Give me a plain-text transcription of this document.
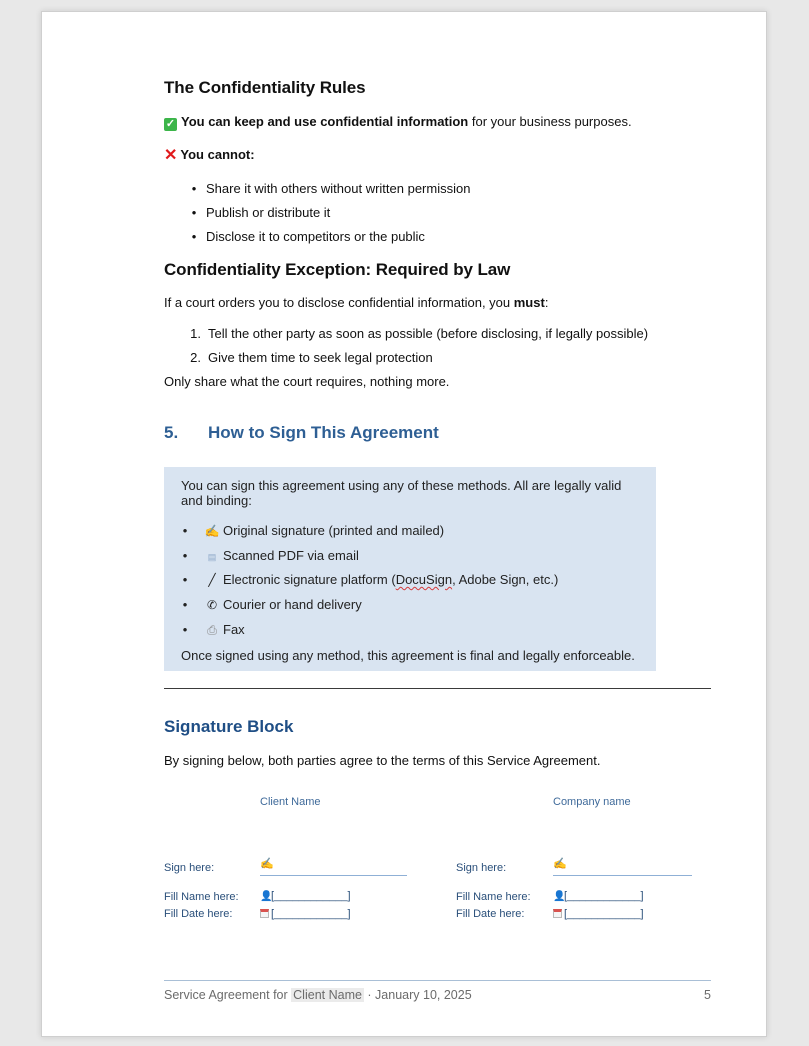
The Confidentiality Rules
✓ You can keep and use confidential information for your business purposes.
✕ You cannot:
• Share it with others without written permission
• Publish or distribute it
• Disclose it to competitors or the public
Confidentiality Exception: Required by Law
If a court orders you to disclose confidential information, you must:
1. Tell the other party as soon as possible (before disclosing, if legally possible)
2. Give them time to seek legal protection
Only share what the court requires, nothing more.
5. How to Sign This Agreement
You can sign this agreement using any of these methods. All are legally valid and binding:
• ✍ Original signature (printed and mailed)
•	▤ Scanned PDF via email
•	╱ Electronic signature platform (DocuSign, Adobe Sign, etc.)
• ✆ Courier or hand delivery
• ⎙ Fax
Once signed using any method, this agreement is final and legally enforceable.
Signature Block
By signing below, both parties agree to the terms of this Service Agreement.
Client Name
Sign here:	✍
Fill Name here: 👤[____________]
Fill Date here:	[____________]
Company name
Sign here:	✍
Fill Name here: 👤[____________]
Fill Date here:	[____________]
Service Agreement for Client Name · January 10, 2025	5
